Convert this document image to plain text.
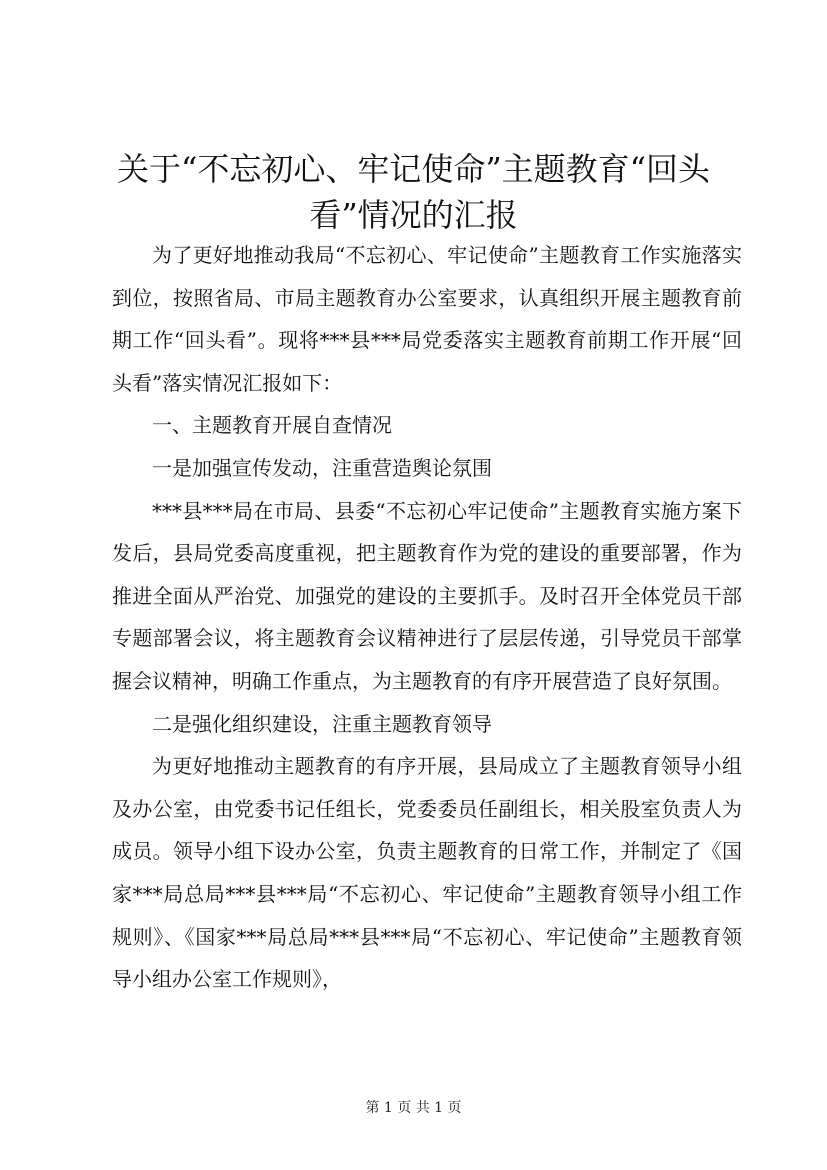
关于“不忘初心、牢记使命”主题教育“回头看”情况的汇报

为了更好地推动我局“不忘初心、牢记使命”主题教育工作实施落实到位，按照省局、市局主题教育办公室要求，认真组织开展主题教育前期工作“回头看”。现将***县***局党委落实主题教育前期工作开展“回头看”落实情况汇报如下：

一、主题教育开展自查情况

一是加强宣传发动，注重营造舆论氛围

***县***局在市局、县委“不忘初心牢记使命”主题教育实施方案下发后，县局党委高度重视，把主题教育作为党的建设的重要部署，作为推进全面从严治党、加强党的建设的主要抓手。及时召开全体党员干部专题部署会议，将主题教育会议精神进行了层层传递，引导党员干部掌握会议精神，明确工作重点，为主题教育的有序开展营造了良好氛围。

二是强化组织建设，注重主题教育领导

为更好地推动主题教育的有序开展，县局成立了主题教育领导小组及办公室，由党委书记任组长，党委委员任副组长，相关股室负责人为成员。领导小组下设办公室，负责主题教育的日常工作，并制定了《国家***局总局***县***局“不忘初心、牢记使命”主题教育领导小组工作规则》、《国家***局总局***县***局“不忘初心、牢记使命”主题教育领导小组办公室工作规则》，

第 1 页 共 1 页
